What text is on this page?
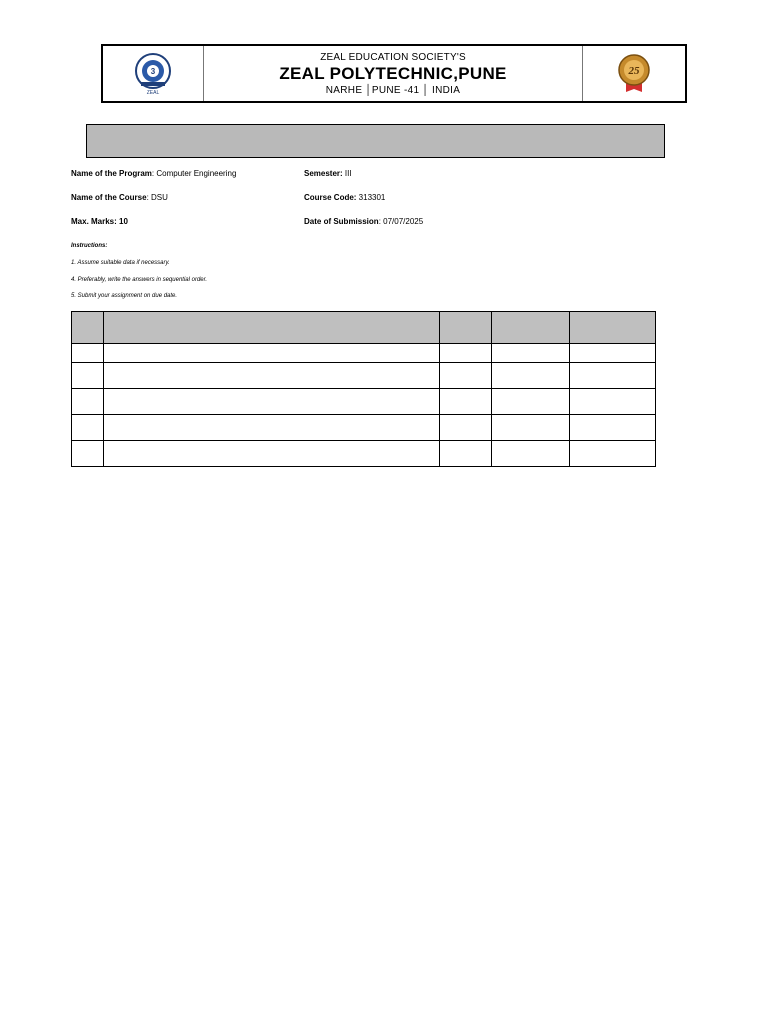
3
ZEAL
ZEAL EDUCATION SOCIETY'S
ZEAL POLYTECHNIC,PUNE
NARHE │PUNE -41 │ INDIA
25
Name of the Program: Computer Engineering	Semester: III
Name of the Course: DSU	Course Code: 313301
Max. Marks: 10	Date of Submission: 07/07/2025
Instructions:
1. Assume suitable data if necessary.
4. Preferably, write the answers in sequential order.
5. Submit your assignment on due date.
